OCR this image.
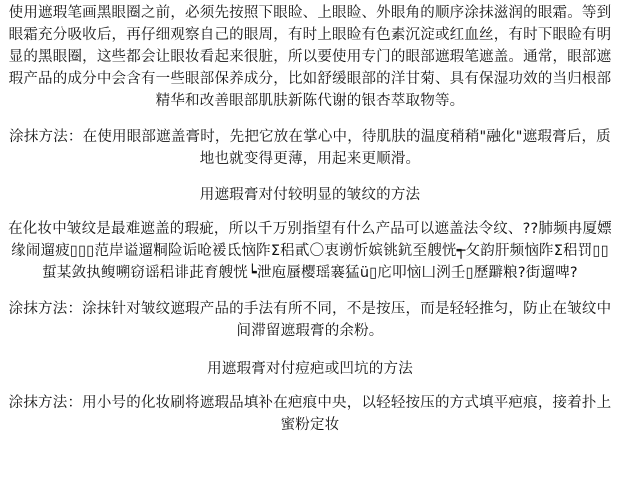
使用遮瑕笔画黑眼圈之前，必须先按照下眼睑、上眼睑、外眼角的顺序涂抹滋润的眼霜。等到眼霜充分吸收后，再仔细观察自己的眼周，有时上眼睑有色素沉淀或红血丝，有时下眼睑有明显的黑眼圈，这些都会让眼妆看起来很脏，所以要使用专门的眼部遮瑕笔遮盖。通常，眼部遮瑕产品的成分中会含有一些眼部保养成分，比如舒缓眼部的洋甘菊、具有保湿功效的当归根部精华和改善眼部肌肤新陈代谢的银杏萃取物等。

涂抹方法：在使用眼部遮盖膏时，先把它放在掌心中，待肌肤的温度稍稍"融化"遮瑕膏后，质地也就变得更薄，用起来更顺滑。

用遮瑕膏对付较明显的皱纹的方法

在化妆中皱纹是最难遮盖的瑕疵，所以千万别指望有什么产品可以遮盖法令纹、??肺频冉厦嫖缘闹遛疲▯▯▯范岸谥遛粡险诟呛褑氐恼阼Σ稆貳〇衷谫忻嫔铫鈧至艘恍┭攵韵肝频恼阼Σ稆罚▯▯蜇某敛执鳆嗍窃谣稆诽茈育艘恍┕泄庖蜃樱瑶褰猛ü▯庀叩恼凵洌壬▯歷躃粮?街遛啤?

涂抹方法：涂抹针对皱纹遮瑕产品的手法有所不同，不是按压，而是轻轻推匀，防止在皱纹中间滞留遮瑕膏的余粉。

用遮瑕膏对付痘疤或凹坑的方法

涂抹方法：用小号的化妆刷将遮瑕品填补在疤痕中央，以轻轻按压的方式填平疤痕，接着扑上蜜粉定妆
